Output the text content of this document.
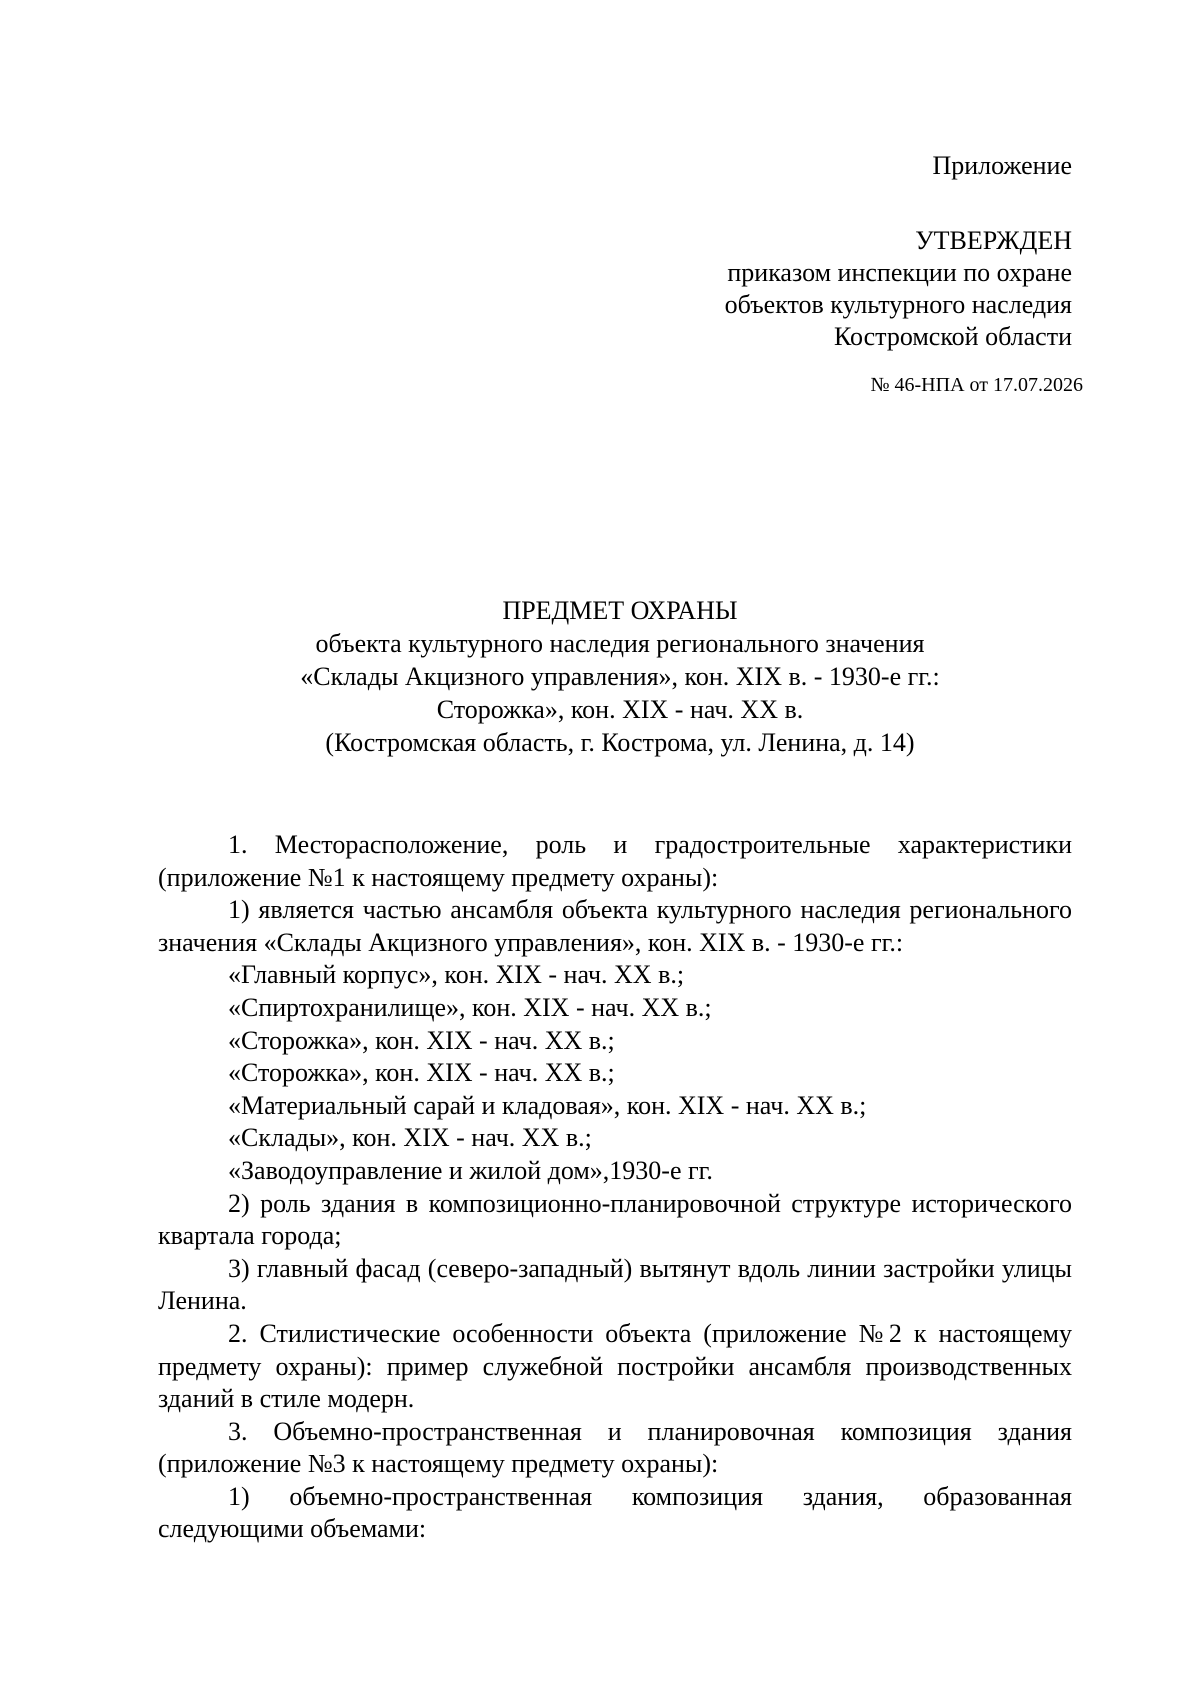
Приложение
УТВЕРЖДЕН
приказом инспекции по охране
объектов культурного наследия
Костромской области
№ 46-НПА от 17.07.2026
ПРЕДМЕТ ОХРАНЫ
объекта культурного наследия регионального значения
«Склады Акцизного управления», кон. XIX в. - 1930-е гг.:
Сторожка», кон. XIX - нач. XX в.
(Костромская область, г. Кострома, ул. Ленина, д. 14)

1. Месторасположение, роль и градостроительные характеристики (приложение №1 к настоящему предмету охраны):

1) является частью ансамбля объекта культурного наследия регионального значения «Склады Акцизного управления», кон. XIX в. - 1930-е гг.:

«Главный корпус», кон. XIX - нач. XX в.;

«Спиртохранилище», кон. XIX - нач. XX в.;

«Сторожка», кон. XIX - нач. XX в.;

«Сторожка», кон. XIX - нач. XX в.;

«Материальный сарай и кладовая», кон. XIX - нач. XX в.;

«Склады», кон. XIX - нач. XX в.;

«Заводоуправление и жилой дом»,1930-е гг.

2) роль здания в композиционно-планировочной структуре исторического квартала города;

3) главный фасад (северо-западный) вытянут вдоль линии застройки улицы Ленина.

2. Стилистические особенности объекта (приложение №2 к настоящему предмету охраны): пример служебной постройки ансамбля производственных зданий в стиле модерн.

3. Объемно-пространственная и планировочная композиция здания (приложение №3 к настоящему предмету охраны):

1) объемно-пространственная композиция здания, образованная следующими объемами:
